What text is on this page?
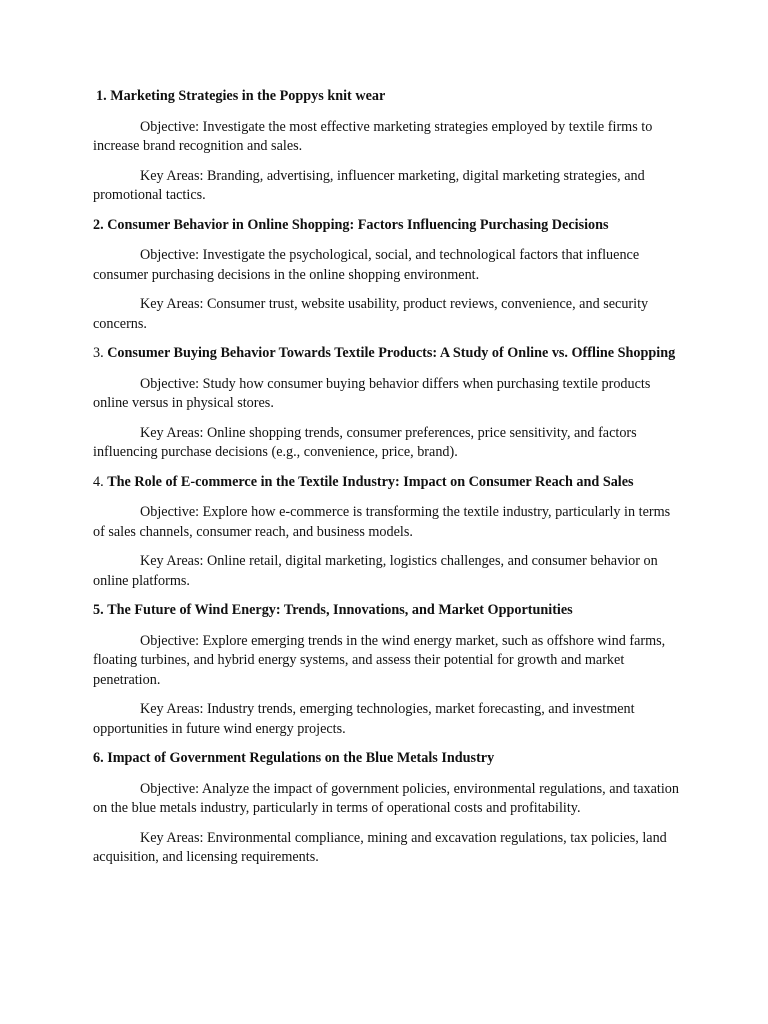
1. Marketing Strategies in the Poppys knit wear

Objective: Investigate the most effective marketing strategies employed by textile firms to increase brand recognition and sales.

Key Areas: Branding, advertising, influencer marketing, digital marketing strategies, and promotional tactics.

2. Consumer Behavior in Online Shopping: Factors Influencing Purchasing Decisions

Objective: Investigate the psychological, social, and technological factors that influence consumer purchasing decisions in the online shopping environment.

Key Areas: Consumer trust, website usability, product reviews, convenience, and security concerns.

3. Consumer Buying Behavior Towards Textile Products: A Study of Online vs. Offline Shopping

Objective: Study how consumer buying behavior differs when purchasing textile products online versus in physical stores.

Key Areas: Online shopping trends, consumer preferences, price sensitivity, and factors influencing purchase decisions (e.g., convenience, price, brand).

4. The Role of E-commerce in the Textile Industry: Impact on Consumer Reach and Sales

Objective: Explore how e-commerce is transforming the textile industry, particularly in terms of sales channels, consumer reach, and business models.

Key Areas: Online retail, digital marketing, logistics challenges, and consumer behavior on online platforms.

5. The Future of Wind Energy: Trends, Innovations, and Market Opportunities

Objective: Explore emerging trends in the wind energy market, such as offshore wind farms, floating turbines, and hybrid energy systems, and assess their potential for growth and market penetration.

Key Areas: Industry trends, emerging technologies, market forecasting, and investment opportunities in future wind energy projects.

6. Impact of Government Regulations on the Blue Metals Industry

Objective: Analyze the impact of government policies, environmental regulations, and taxation on the blue metals industry, particularly in terms of operational costs and profitability.

Key Areas: Environmental compliance, mining and excavation regulations, tax policies, land acquisition, and licensing requirements.
